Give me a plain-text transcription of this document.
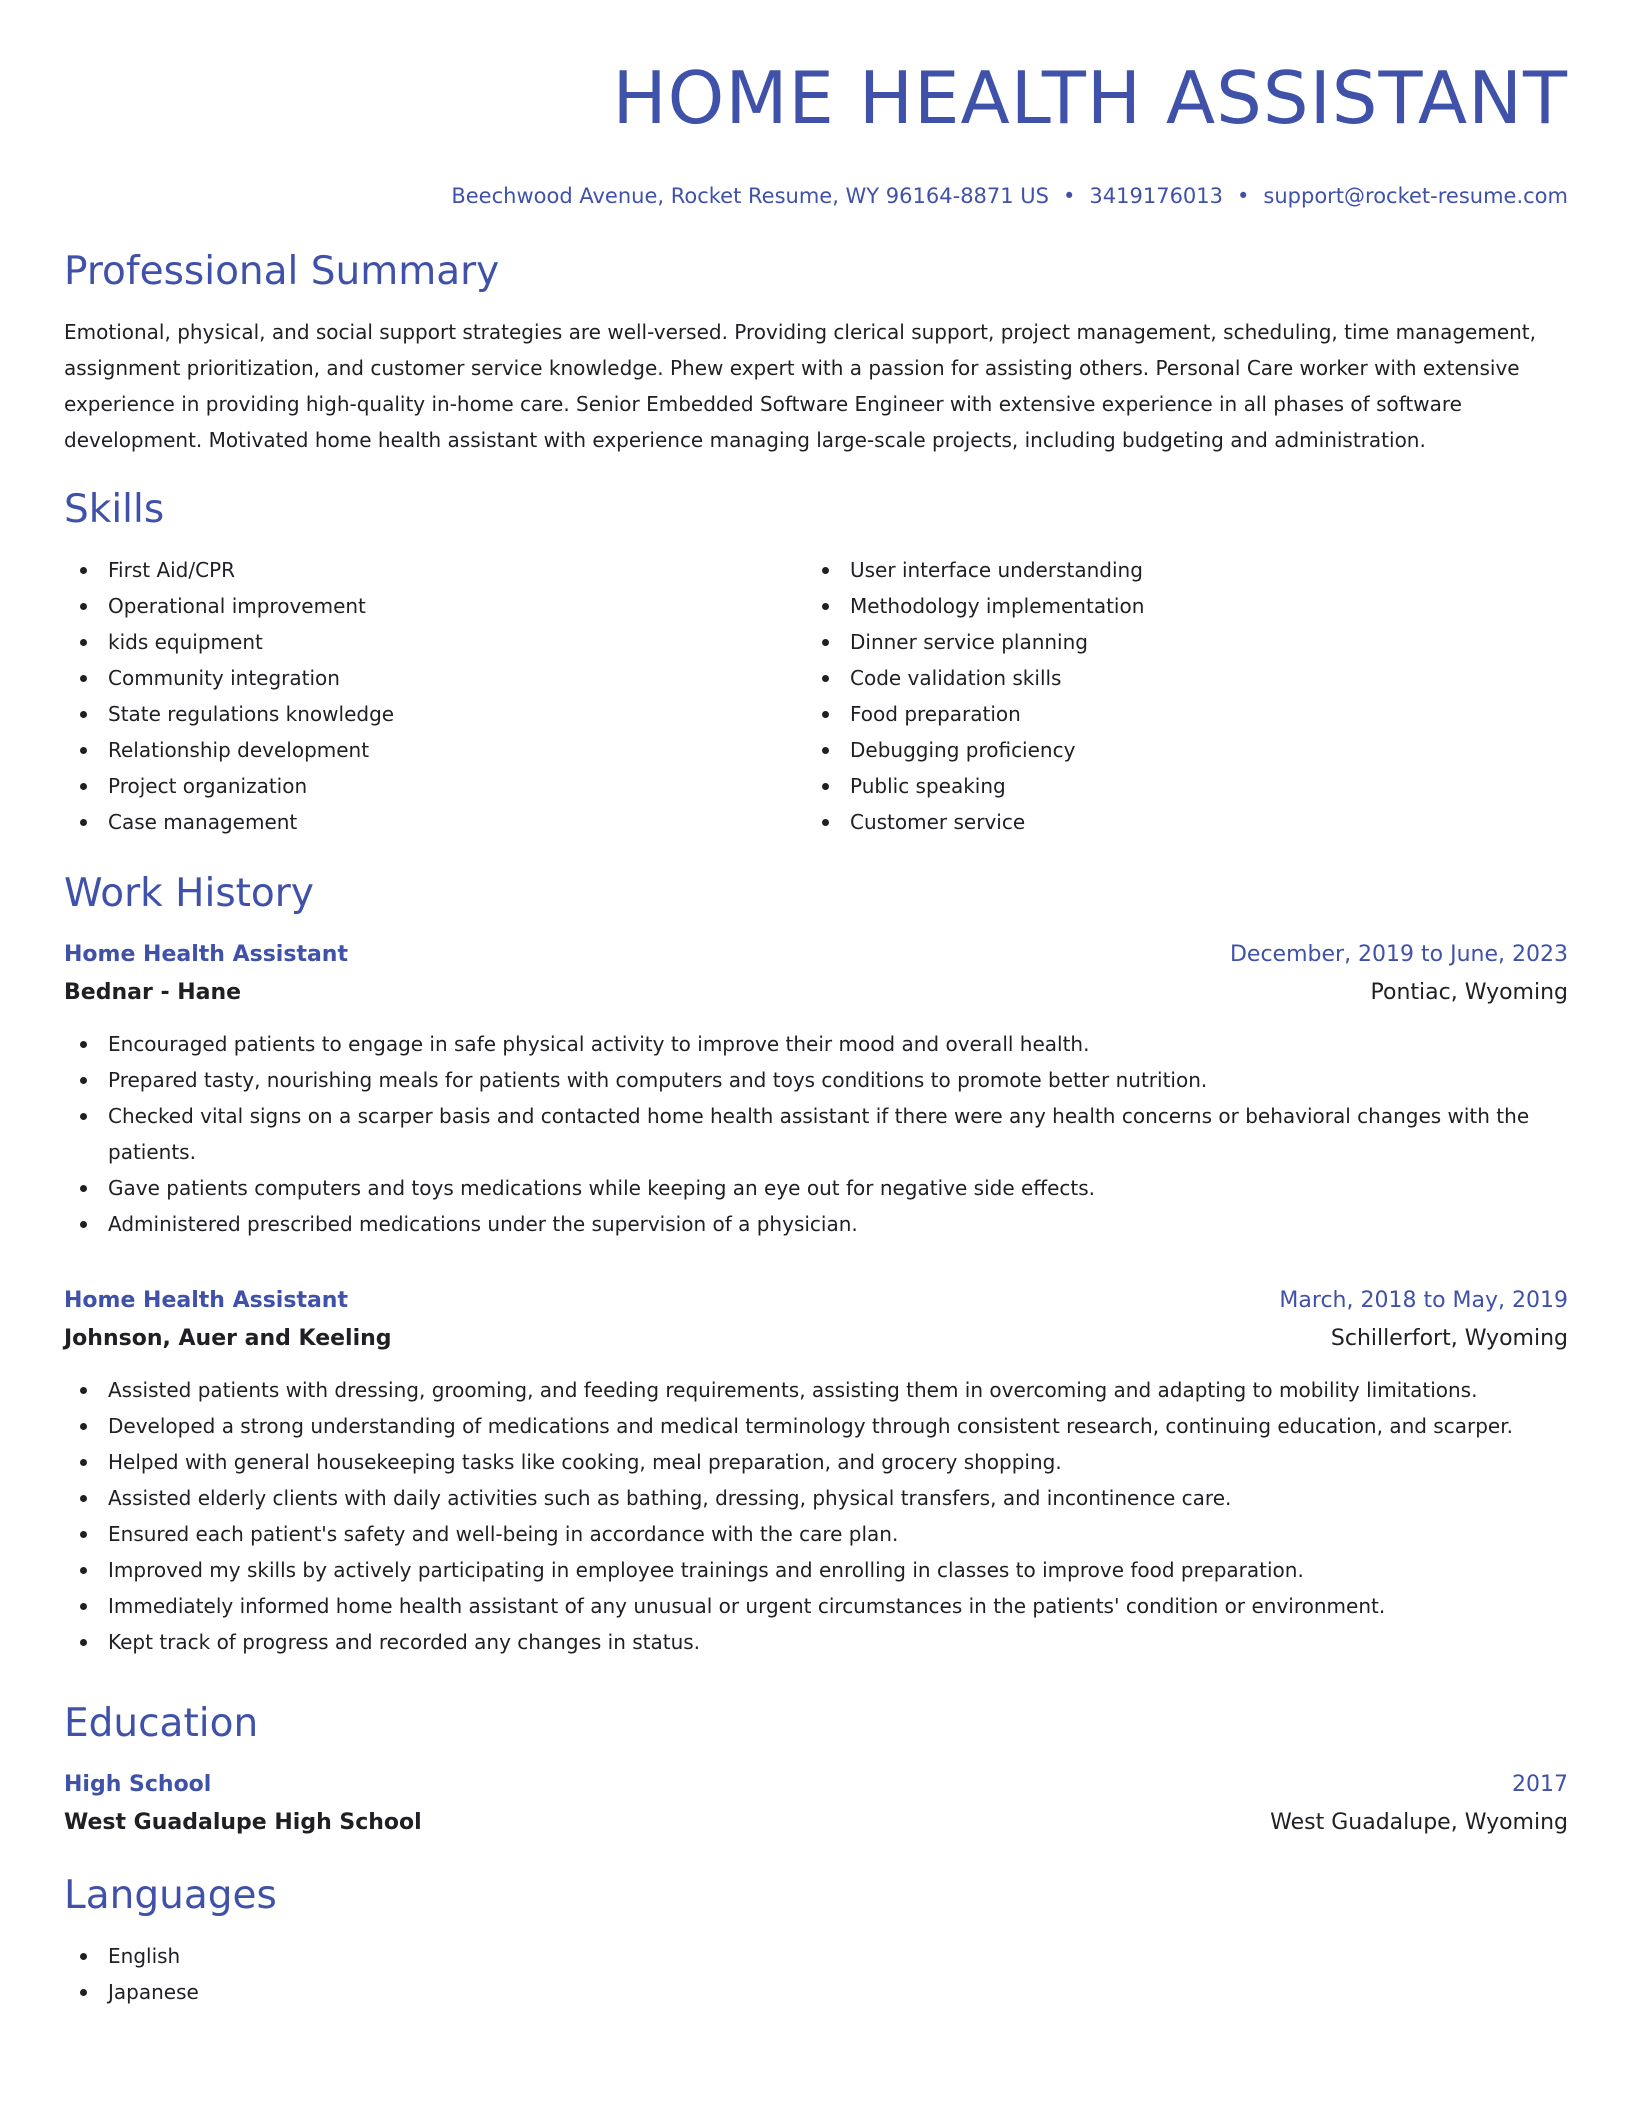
HOME HEALTH ASSISTANT
Beechwood Avenue, Rocket Resume, WY 96164-8871 US • 3419176013 • support@rocket-resume.com
Professional Summary

Emotional, physical, and social support strategies are well-versed. Providing clerical support, project management, scheduling, time management, assignment prioritization, and customer service knowledge. Phew expert with a passion for assisting others. Personal Care worker with extensive experience in providing high-quality in-home care. Senior Embedded Software Engineer with extensive experience in all phases of software development. Motivated home health assistant with experience managing large-scale projects, including budgeting and administration.

Skills
First Aid/CPR
Operational improvement
kids equipment
Community integration
State regulations knowledge
Relationship development
Project organization
Case management
User interface understanding
Methodology implementation
Dinner service planning
Code validation skills
Food preparation
Debugging proficiency
Public speaking
Customer service
Work History
Home Health Assistant	December, 2019 to June, 2023
Bednar - Hane	Pontiac, Wyoming
Encouraged patients to engage in safe physical activity to improve their mood and overall health.
Prepared tasty, nourishing meals for patients with computers and toys conditions to promote better nutrition.
Checked vital signs on a scarper basis and contacted home health assistant if there were any health concerns or behavioral changes with the patients.
Gave patients computers and toys medications while keeping an eye out for negative side effects.
Administered prescribed medications under the supervision of a physician.
Home Health Assistant	March, 2018 to May, 2019
Johnson, Auer and Keeling	Schillerfort, Wyoming
Assisted patients with dressing, grooming, and feeding requirements, assisting them in overcoming and adapting to mobility limitations.
Developed a strong understanding of medications and medical terminology through consistent research, continuing education, and scarper.
Helped with general housekeeping tasks like cooking, meal preparation, and grocery shopping.
Assisted elderly clients with daily activities such as bathing, dressing, physical transfers, and incontinence care.
Ensured each patient's safety and well-being in accordance with the care plan.
Improved my skills by actively participating in employee trainings and enrolling in classes to improve food preparation.
Immediately informed home health assistant of any unusual or urgent circumstances in the patients' condition or environment.
Kept track of progress and recorded any changes in status.
Education
High School	2017
West Guadalupe High School	West Guadalupe, Wyoming
Languages
English
Japanese
